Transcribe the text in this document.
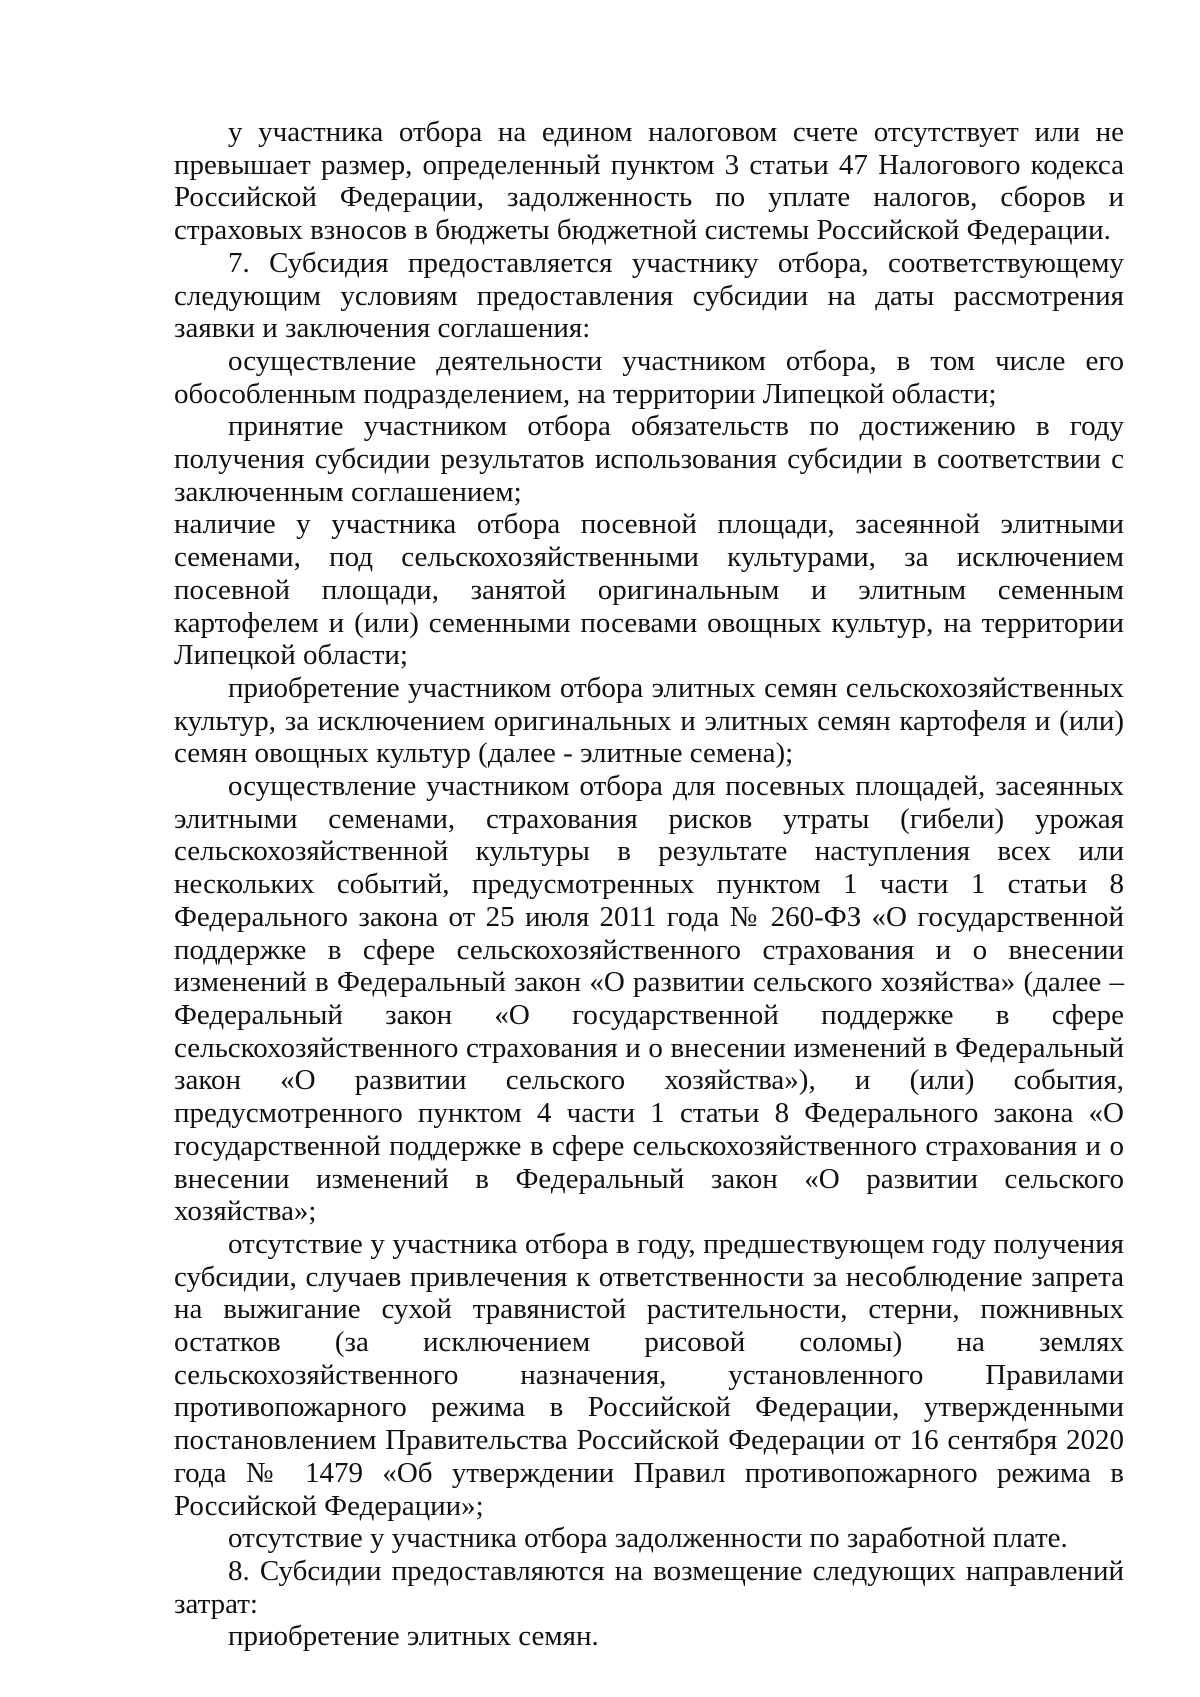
у участника отбора на едином налоговом счете отсутствует или не превышает размер, определенный пунктом 3 статьи 47 Налогового кодекса Российской Федерации, задолженность по уплате налогов, сборов и страховых взносов в бюджеты бюджетной системы Российской Федерации.

7. Субсидия предоставляется участнику отбора, соответствующему следующим условиям предоставления субсидии на даты рассмотрения заявки и заключения соглашения:

осуществление деятельности участником отбора, в том числе его обособленным подразделением, на территории Липецкой области;

принятие участником отбора обязательств по достижению в году получения субсидии результатов использования субсидии в соответствии с заключенным соглашением;

наличие у участника отбора посевной площади, засеянной элитными семенами, под сельскохозяйственными культурами, за исключением посевной площади, занятой оригинальным и элитным семенным картофелем и (или) семенными посевами овощных культур, на территории Липецкой области;

приобретение участником отбора элитных семян сельскохозяйственных культур, за исключением оригинальных и элитных семян картофеля и (или) семян овощных культур (далее - элитные семена);

осуществление участником отбора для посевных площадей, засеянных элитными семенами, страхования рисков утраты (гибели) урожая сельскохозяйственной культуры в результате наступления всех или нескольких событий, предусмотренных пунктом 1 части 1 статьи 8 Федерального закона от 25 июля 2011 года № 260-ФЗ «О государственной поддержке в сфере сельскохозяйственного страхования и о внесении изменений в Федеральный закон «О развитии сельского хозяйства» (далее – Федеральный закон «О государственной поддержке в сфере сельскохозяйственного страхования и о внесении изменений в Федеральный закон «О развитии сельского хозяйства»), и (или) события, предусмотренного пунктом 4 части 1 статьи 8 Федерального закона «О государственной поддержке в сфере сельскохозяйственного страхования и о внесении изменений в Федеральный закон «О развитии сельского хозяйства»;

отсутствие у участника отбора в году, предшествующем году получения субсидии, случаев привлечения к ответственности за несоблюдение запрета на выжигание сухой травянистой растительности, стерни, пожнивных остатков (за исключением рисовой соломы) на землях сельскохозяйственного назначения, установленного Правилами противопожарного режима в Российской Федерации, утвержденными постановлением Правительства Российской Федерации от 16 сентября 2020 года № 1479 «Об утверждении Правил противопожарного режима в Российской Федерации»;

отсутствие у участника отбора задолженности по заработной плате.

8. Субсидии предоставляются на возмещение следующих направлений затрат:

приобретение элитных семян.
